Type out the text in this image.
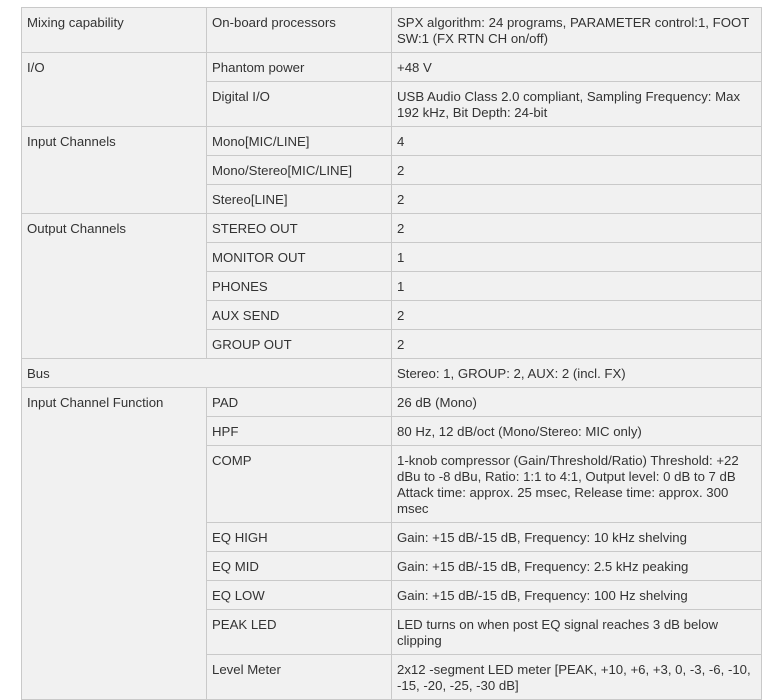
Mixing capability	On-board processors	SPX algorithm: 24 programs, PARAMETER control:1, FOOT SW:1 (FX RTN CH on/off)
I/O	Phantom power	+48 V
	Digital I/O	USB Audio Class 2.0 compliant, Sampling Frequency: Max 192 kHz, Bit Depth: 24-bit
Input Channels	Mono[MIC/LINE]	4
	Mono/Stereo[MIC/LINE]	2
	Stereo[LINE]	2
Output Channels	STEREO OUT	2
	MONITOR OUT	1
	PHONES	1
	AUX SEND	2
	GROUP OUT	2
Bus		Stereo: 1, GROUP: 2, AUX: 2 (incl. FX)
Input Channel Function	PAD	26 dB (Mono)
	HPF	80 Hz, 12 dB/oct (Mono/Stereo: MIC only)
	COMP	1-knob compressor (Gain/Threshold/Ratio) Threshold: +22 dBu to -8 dBu, Ratio: 1:1 to 4:1, Output level: 0 dB to 7 dB Attack time: approx. 25 msec, Release time: approx. 300 msec
	EQ HIGH	Gain: +15 dB/-15 dB, Frequency: 10 kHz shelving
	EQ MID	Gain: +15 dB/-15 dB, Frequency: 2.5 kHz peaking
	EQ LOW	Gain: +15 dB/-15 dB, Frequency: 100 Hz shelving
	PEAK LED	LED turns on when post EQ signal reaches 3 dB below clipping
	Level Meter	2x12 -segment LED meter [PEAK, +10, +6, +3, 0, -3, -6, -10, -15, -20, -25, -30 dB]
